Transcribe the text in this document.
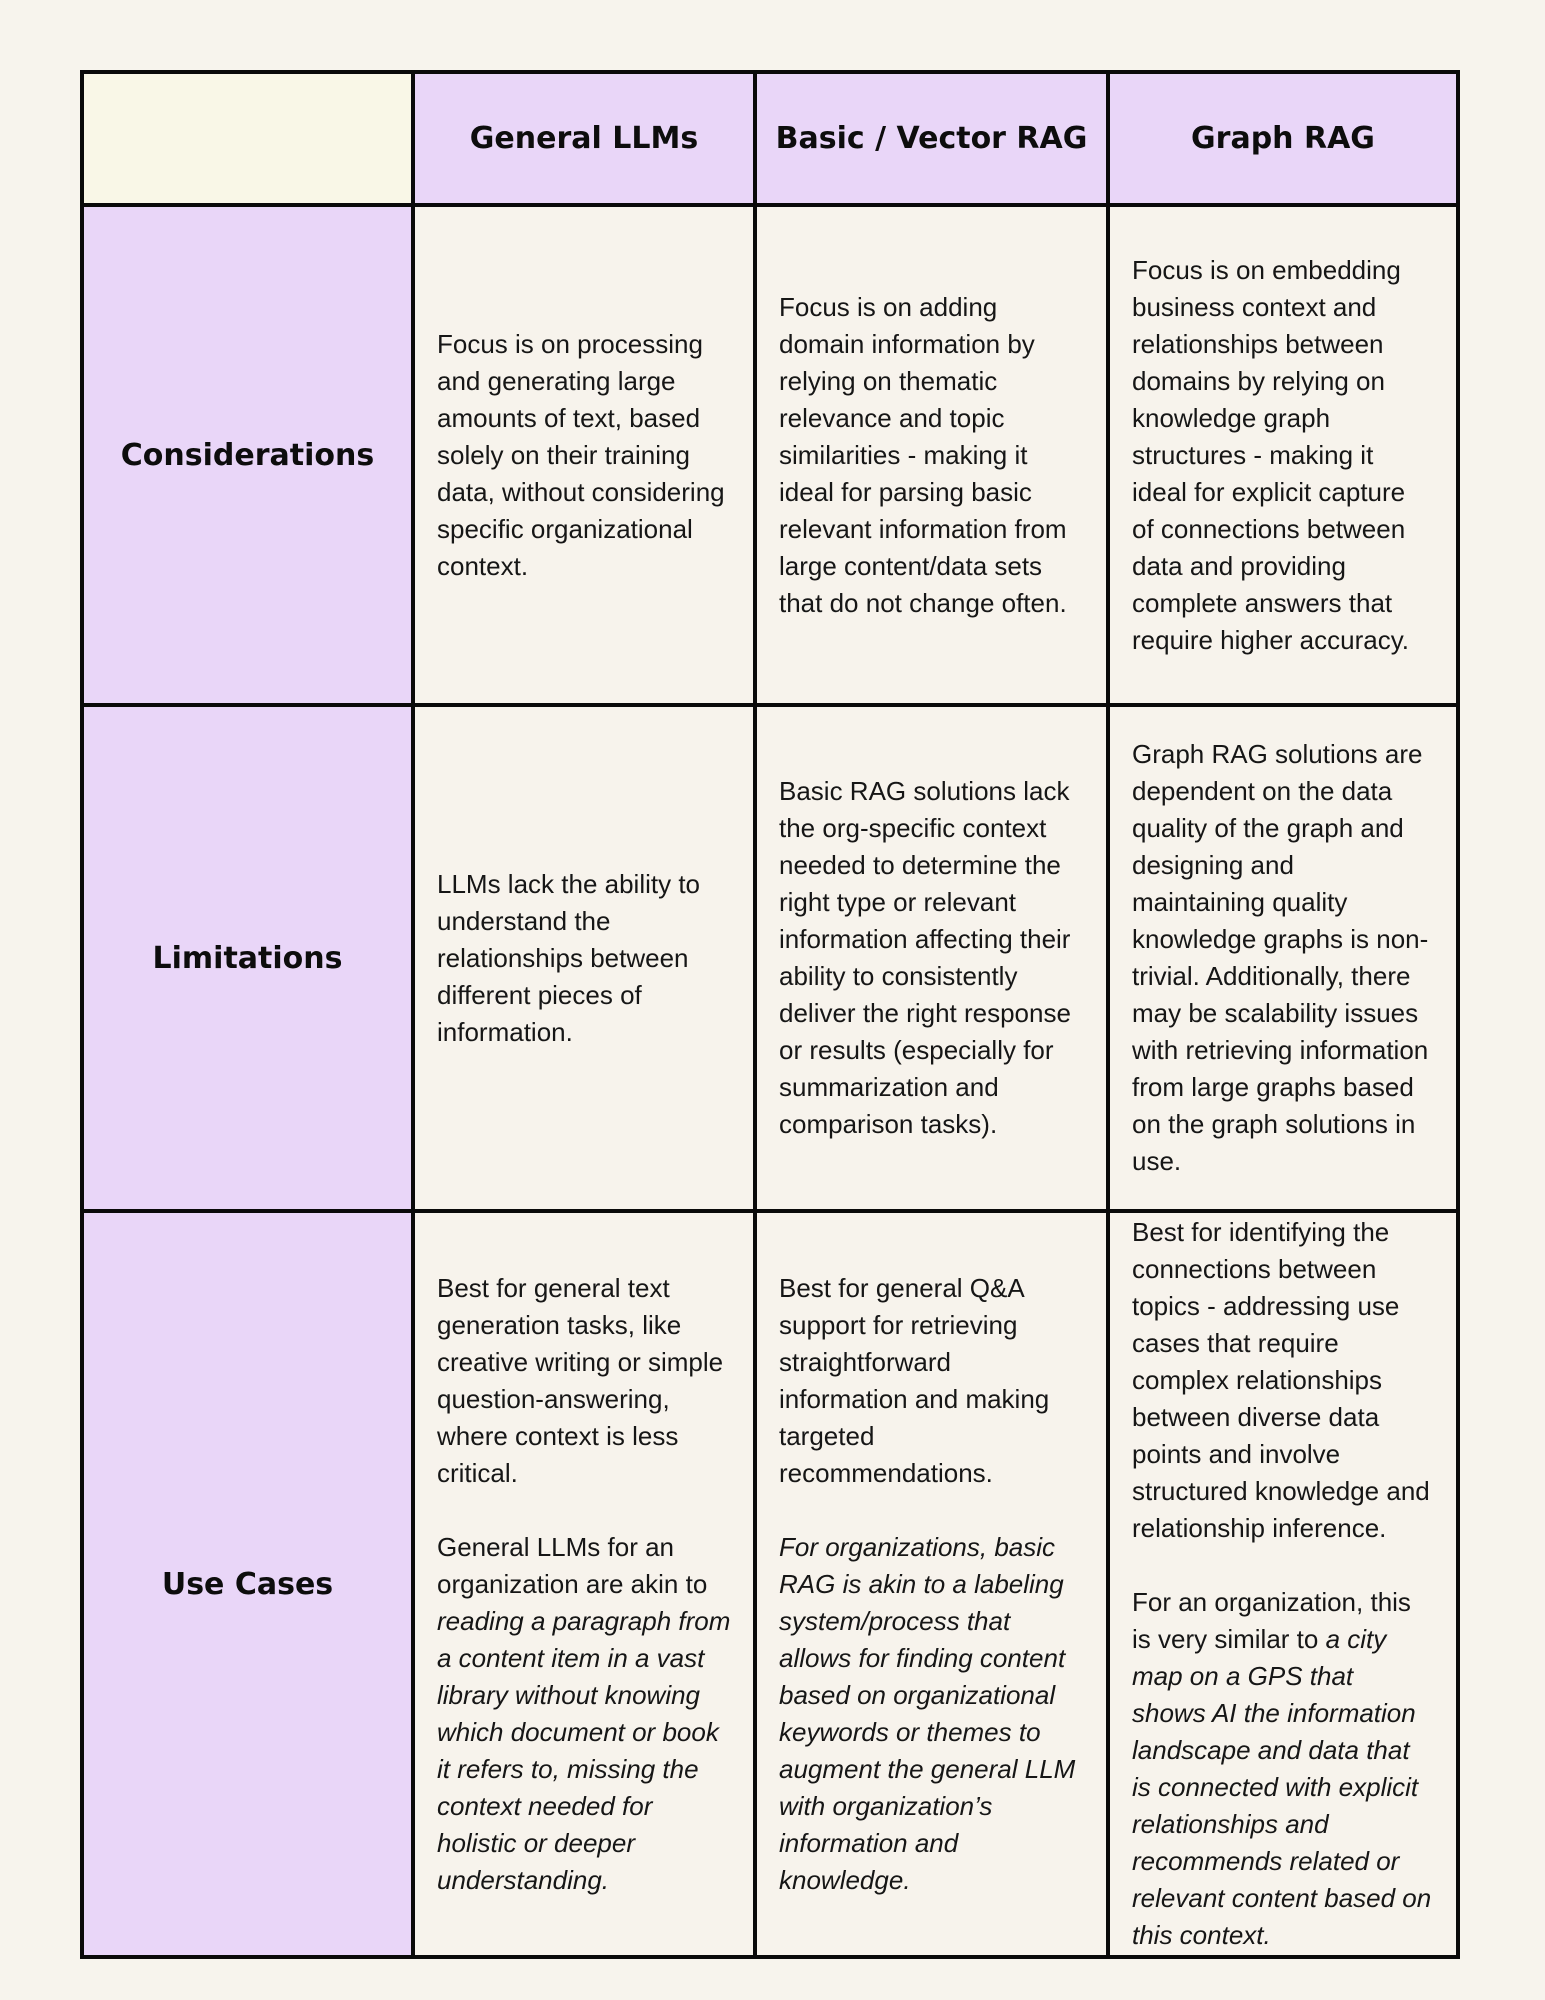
General LLMs	Basic / Vector RAG	Graph RAG
Considerations

Focus is on processing and generating large amounts of text, based solely on their training data, without considering specific organizational context.

Focus is on adding domain information by relying on thematic relevance and topic similarities - making it ideal for parsing basic relevant information from large content/data sets that do not change often.

Focus is on embedding business context and relationships between domains by relying on knowledge graph structures - making it ideal for explicit capture of connections between data and providing complete answers that require higher accuracy.

Limitations

LLMs lack the ability to understand the relationships between different pieces of information.

Basic RAG solutions lack the org-specific context needed to determine the right type or relevant information affecting their ability to consistently deliver the right response or results (especially for summarization and comparison tasks).

Graph RAG solutions are dependent on the data quality of the graph and designing and maintaining quality knowledge graphs is non-trivial. Additionally, there may be scalability issues with retrieving information from large graphs based on the graph solutions in use.

Use Cases

Best for general text generation tasks, like creative writing or simple question-answering, where context is less critical.

General LLMs for an organization are akin to reading a paragraph from a content item in a vast library without knowing which document or book it refers to, missing the context needed for holistic or deeper understanding.

Best for general Q&A support for retrieving straightforward information and making targeted recommendations.

For organizations, basic RAG is akin to a labeling system/process that allows for finding content based on organizational keywords or themes to augment the general LLM with organization’s information and knowledge.

Best for identifying the connections between topics - addressing use cases that require complex relationships between diverse data points and involve structured knowledge and relationship inference.

For an organization, this is very similar to a city map on a GPS that shows AI the information landscape and data that is connected with explicit relationships and recommends related or relevant content based on this context.
